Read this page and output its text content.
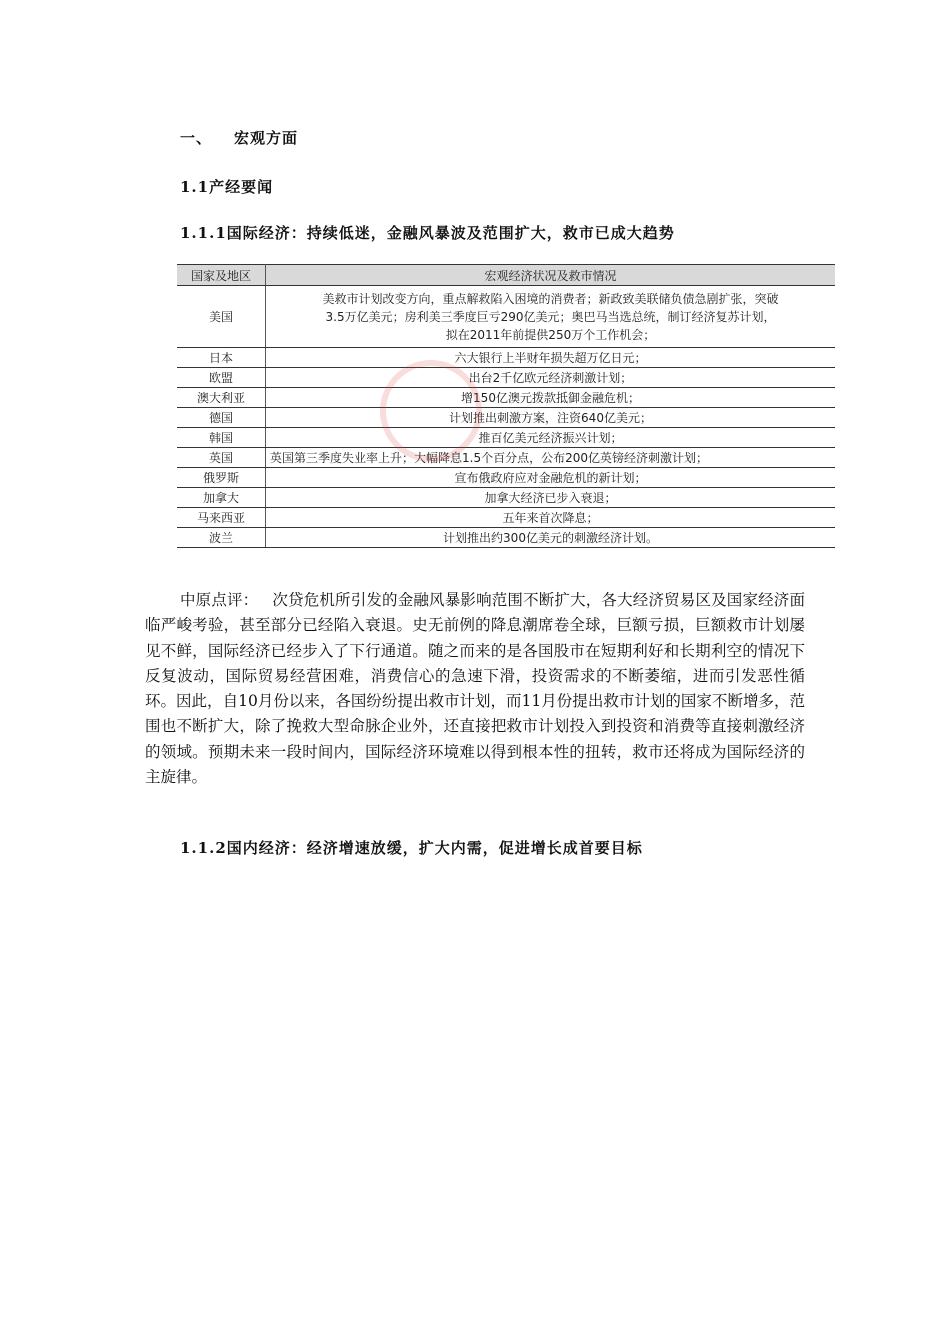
一、 宏观方面
1.1产经要闻
1.1.1国际经济：持续低迷，金融风暴波及范围扩大，救市已成大趋势
国家及地区	宏观经济状况及救市情况
美国	美救市计划改变方向，重点解救陷入困境的消费者；新政致美联储负债急剧扩张，突破
3.5万亿美元；房利美三季度巨亏290亿美元；奥巴马当选总统，制订经济复苏计划，
拟在2011年前提供250万个工作机会；

日本	六大银行上半财年损失超万亿日元；
欧盟	出台2千亿欧元经济刺激计划；
澳大利亚	增150亿澳元拨款抵御金融危机；
德国	计划推出刺激方案，注资640亿美元；
韩国	推百亿美元经济振兴计划；
英国	英国第三季度失业率上升；大幅降息1.5个百分点，公布200亿英镑经济刺激计划；
俄罗斯	宣布俄政府应对金融危机的新计划；
加拿大	加拿大经济已步入衰退；
马来西亚	五年来首次降息；
波兰	计划推出约300亿美元的刺激经济计划。

中原点评： 次贷危机所引发的金融风暴影响范围不断扩大，各大经济贸易区及国家经济面临严峻考验，甚至部分已经陷入衰退。史无前例的降息潮席卷全球，巨额亏损，巨额救市计划屡见不鲜，国际经济已经步入了下行通道。随之而来的是各国股市在短期利好和长期利空的情况下反复波动，国际贸易经营困难，消费信心的急速下滑，投资需求的不断萎缩，进而引发恶性循环。因此，自10月份以来，各国纷纷提出救市计划，而11月份提出救市计划的国家不断增多，范围也不断扩大，除了挽救大型命脉企业外，还直接把救市计划投入到投资和消费等直接刺激经济的领域。预期未来一段时间内，国际经济环境难以得到根本性的扭转，救市还将成为国际经济的主旋律。

1.1.2国内经济：经济增速放缓，扩大内需，促进增长成首要目标
